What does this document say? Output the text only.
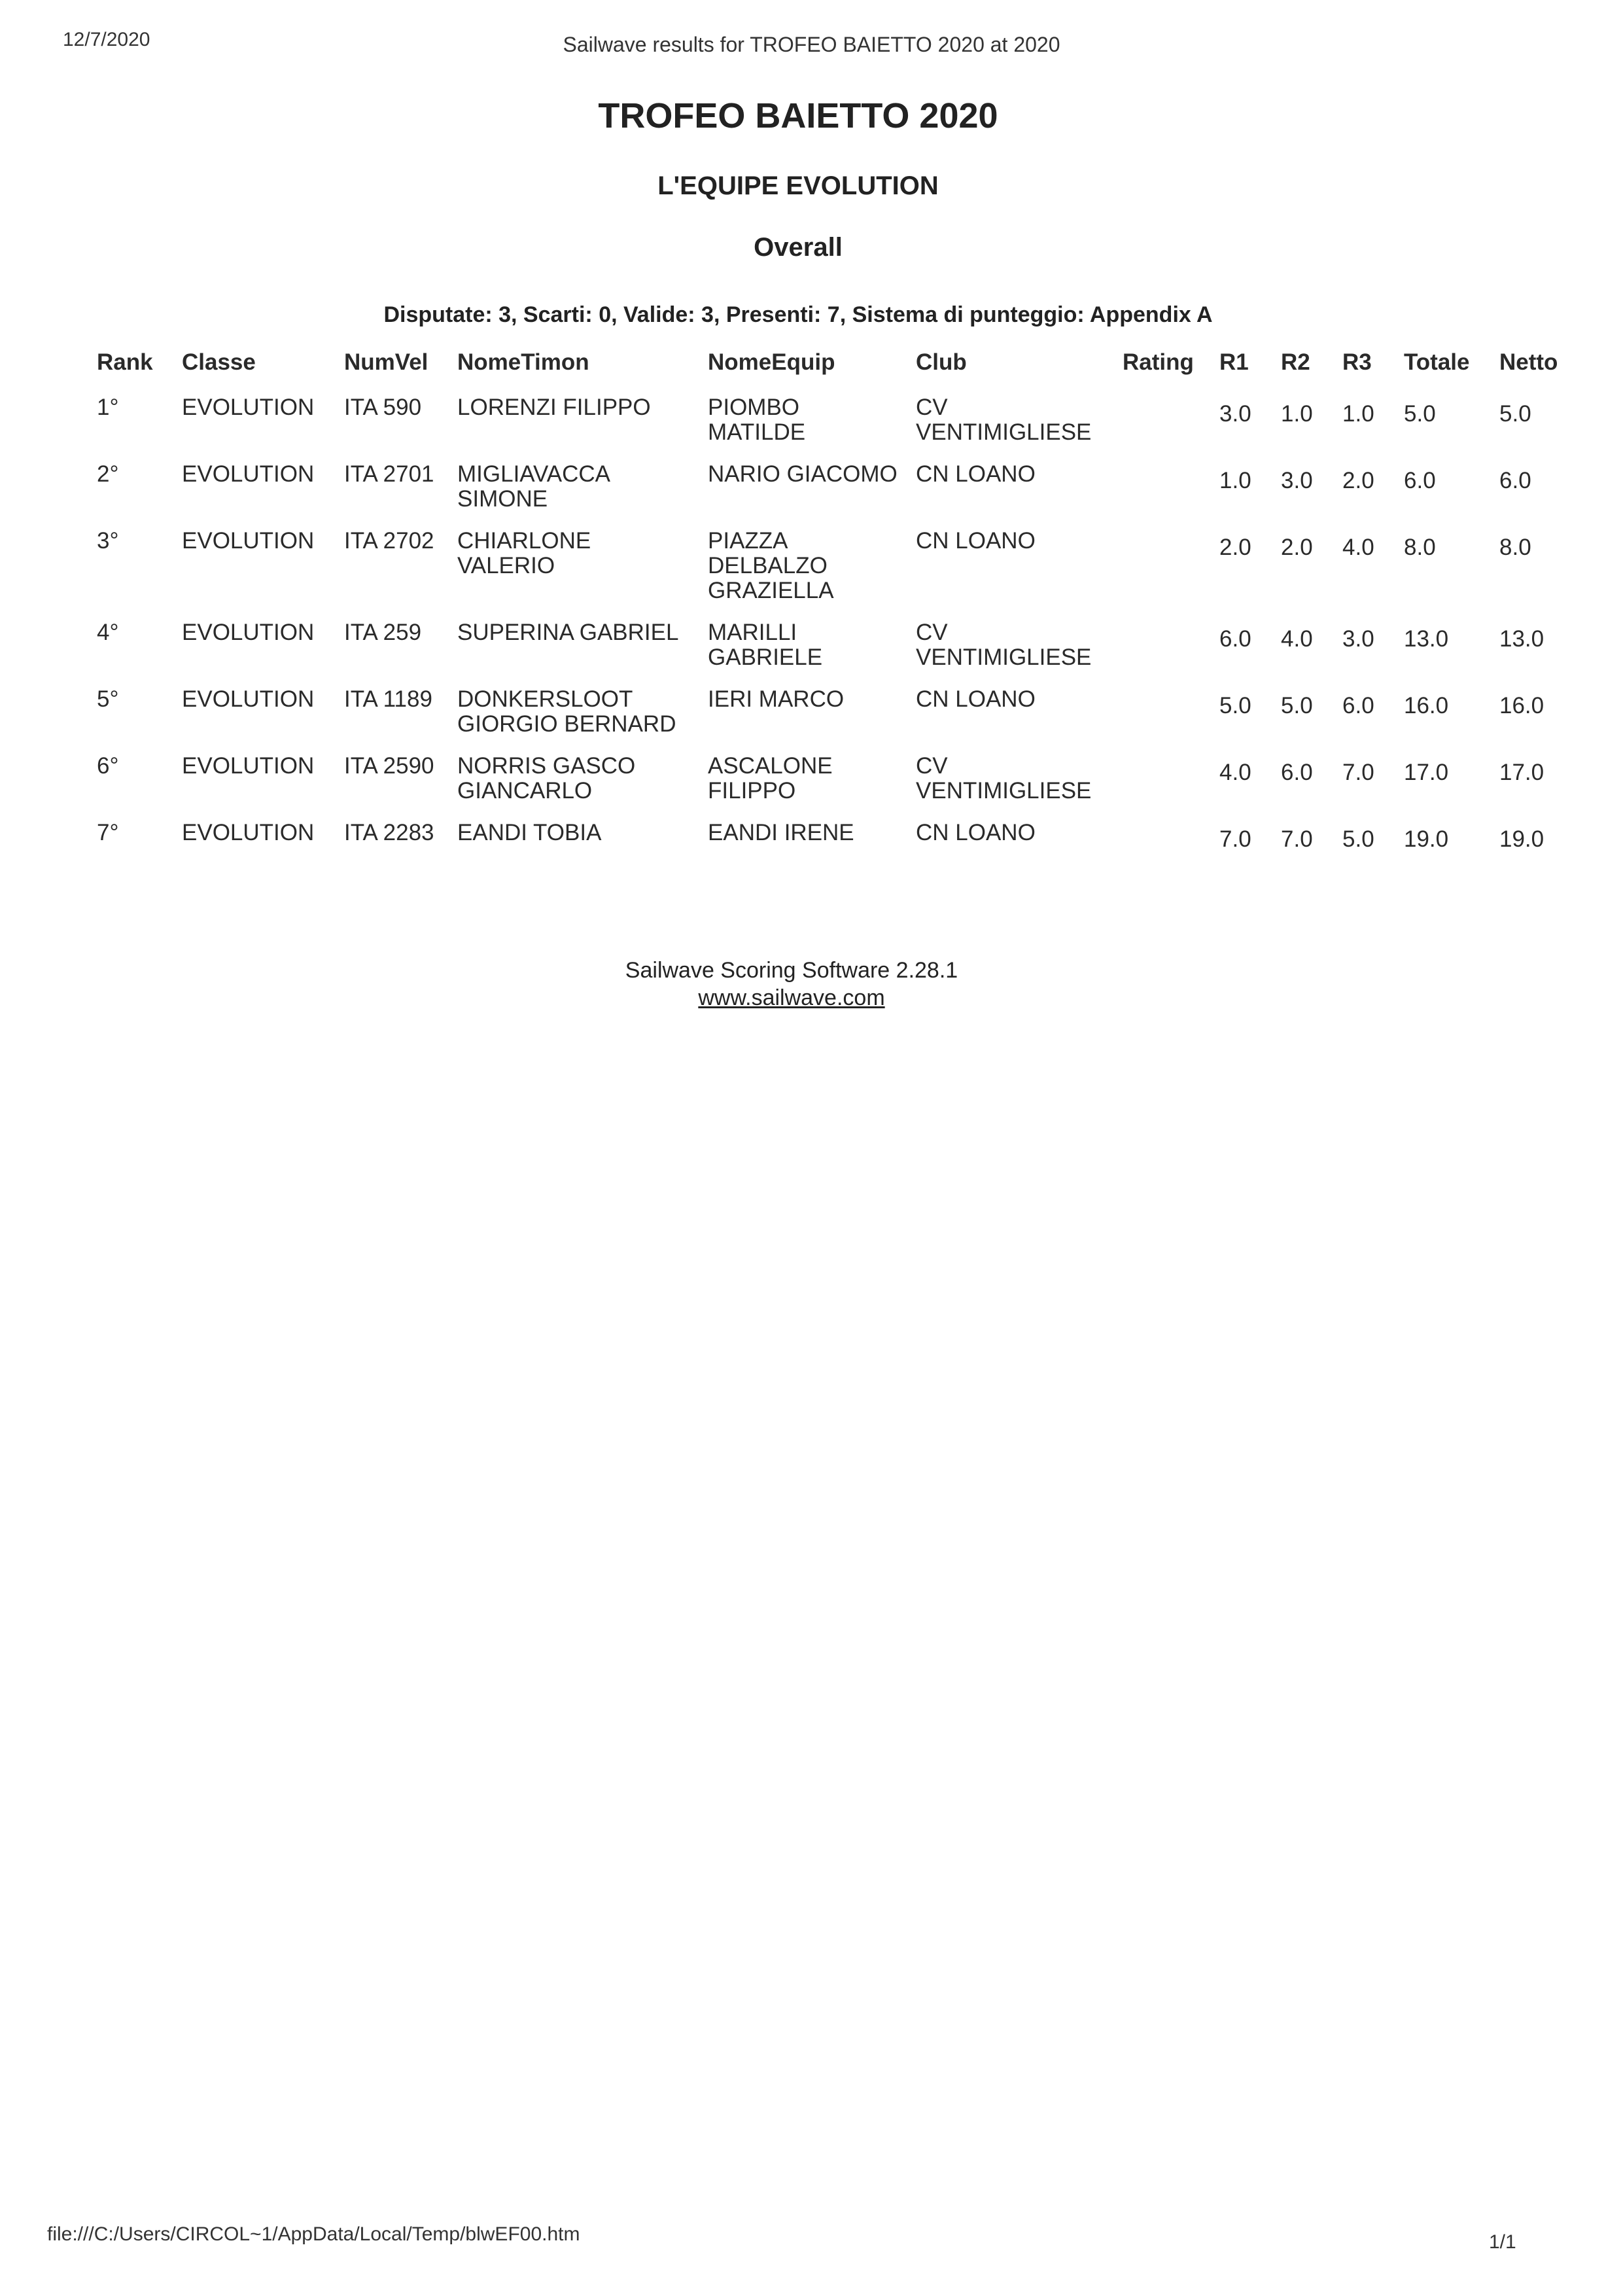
12/7/2020	Sailwave results for TROFEO BAIETTO 2020 at 2020
TROFEO BAIETTO 2020
L'EQUIPE EVOLUTION
Overall
Disputate: 3, Scarti: 0, Valide: 3, Presenti: 7, Sistema di punteggio: Appendix A
Rank	Classe	NumVel	NomeTimon	NomeEquip	Club	Rating	R1	R2	R3	Totale	Netto
1°	EVOLUTION	ITA 590	LORENZI FILIPPO	PIOMBO MATILDE	CV VENTIMIGLIESE		3.0	1.0	1.0	5.0	5.0
2°	EVOLUTION	ITA 2701	MIGLIAVACCA SIMONE	NARIO GIACOMO	CN LOANO		1.0	3.0	2.0	6.0	6.0
3°	EVOLUTION	ITA 2702	CHIARLONE VALERIO	PIAZZA DELBALZO GRAZIELLA	CN LOANO		2.0	2.0	4.0	8.0	8.0
4°	EVOLUTION	ITA 259	SUPERINA GABRIEL	MARILLI GABRIELE	CV VENTIMIGLIESE		6.0	4.0	3.0	13.0	13.0
5°	EVOLUTION	ITA 1189	DONKERSLOOT GIORGIO BERNARD	IERI MARCO	CN LOANO		5.0	5.0	6.0	16.0	16.0
6°	EVOLUTION	ITA 2590	NORRIS GASCO GIANCARLO	ASCALONE FILIPPO	CV VENTIMIGLIESE		4.0	6.0	7.0	17.0	17.0
7°	EVOLUTION	ITA 2283	EANDI TOBIA	EANDI IRENE	CN LOANO		7.0	7.0	5.0	19.0	19.0
Sailwave Scoring Software 2.28.1
www.sailwave.com
file:///C:/Users/CIRCOL~1/AppData/Local/Temp/blwEF00.htm	1/1
